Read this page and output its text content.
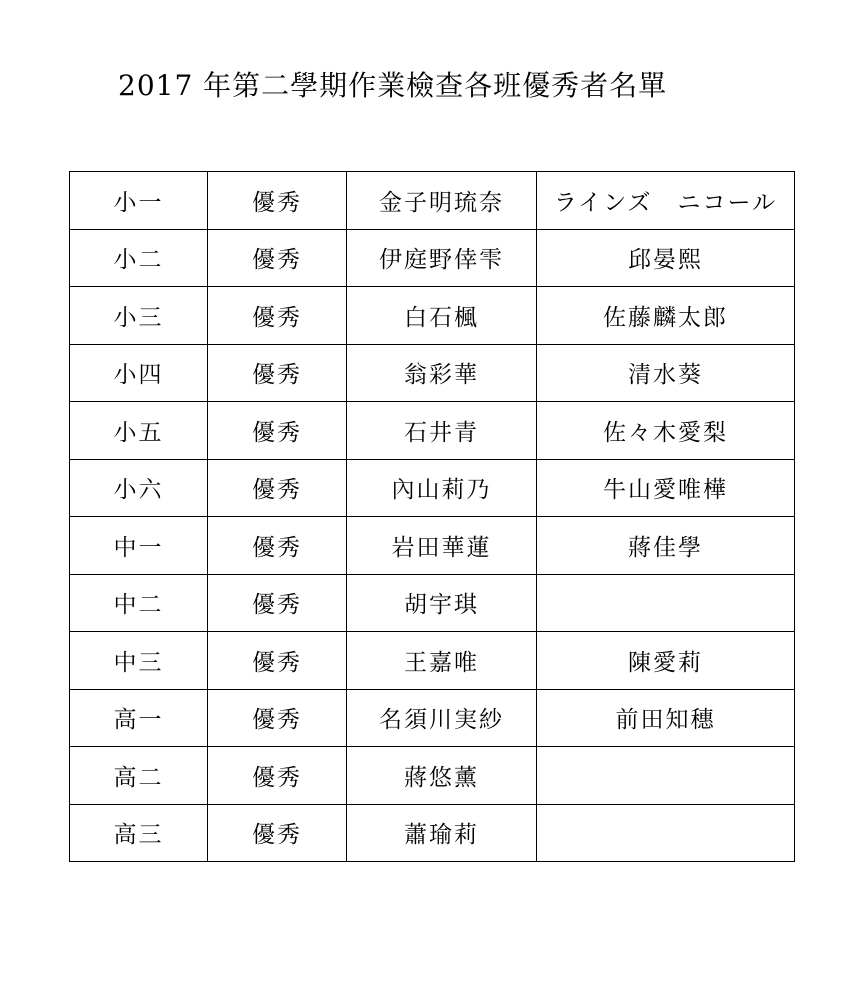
2017 年第二學期作業檢查各班優秀者名單
小一	優秀	金子明琉奈	ラインズ　ニコール
小二	優秀	伊庭野倖雫	邱晏熙
小三	優秀	白石楓	佐藤麟太郎
小四	優秀	翁彩華	清水葵
小五	優秀	石井青	佐々木愛梨
小六	優秀	內山莉乃	牛山愛唯樺
中一	優秀	岩田華蓮	蔣佳學
中二	優秀	胡宇琪	
中三	優秀	王嘉唯	陳愛莉
高一	優秀	名須川実紗	前田知穗
高二	優秀	蔣悠薰	
高三	優秀	蕭瑜莉	
